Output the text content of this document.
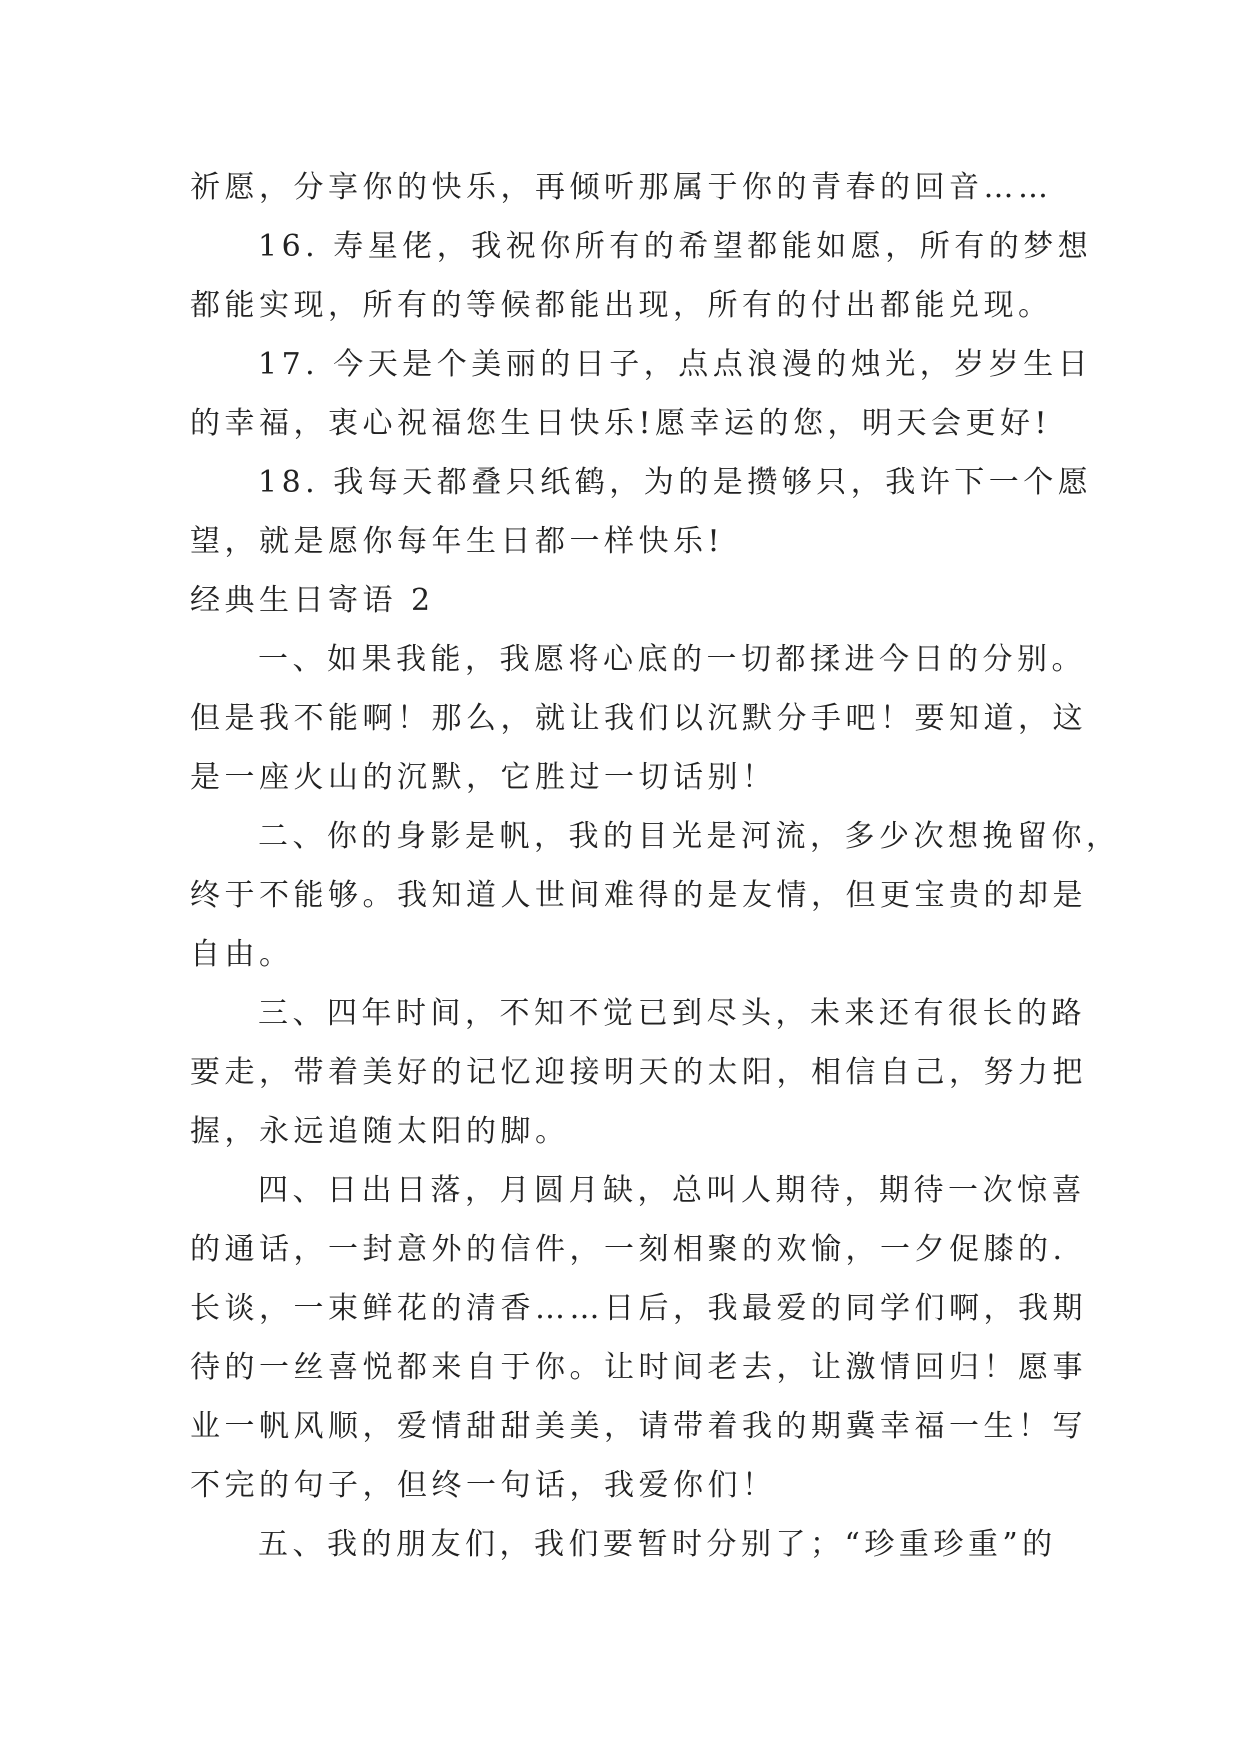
祈愿，分享你的快乐，再倾听那属于你的青春的回音……
16. 寿星佬，我祝你所有的希望都能如愿，所有的梦想
都能实现，所有的等候都能出现，所有的付出都能兑现。
17. 今天是个美丽的日子，点点浪漫的烛光，岁岁生日
的幸福，衷心祝福您生日快乐!愿幸运的您，明天会更好!
18. 我每天都叠只纸鹤，为的是攒够只，我许下一个愿
望，就是愿你每年生日都一样快乐!
经典生日寄语 2
一、如果我能，我愿将心底的一切都揉进今日的分别。
但是我不能啊！那么，就让我们以沉默分手吧！要知道，这
是一座火山的沉默，它胜过一切话别！
二、你的身影是帆，我的目光是河流，多少次想挽留你，
终于不能够。我知道人世间难得的是友情，但更宝贵的却是
自由。
三、四年时间，不知不觉已到尽头，未来还有很长的路
要走，带着美好的记忆迎接明天的太阳，相信自己，努力把
握，永远追随太阳的脚。
四、日出日落，月圆月缺，总叫人期待，期待一次惊喜
的通话，一封意外的信件，一刻相聚的欢愉，一夕促膝的.
长谈，一束鲜花的清香……日后，我最爱的同学们啊，我期
待的一丝喜悦都来自于你。让时间老去，让激情回归！愿事
业一帆风顺，爱情甜甜美美，请带着我的期冀幸福一生！写
不完的句子，但终一句话，我爱你们！
五、我的朋友们，我们要暂时分别了；“珍重珍重”的
